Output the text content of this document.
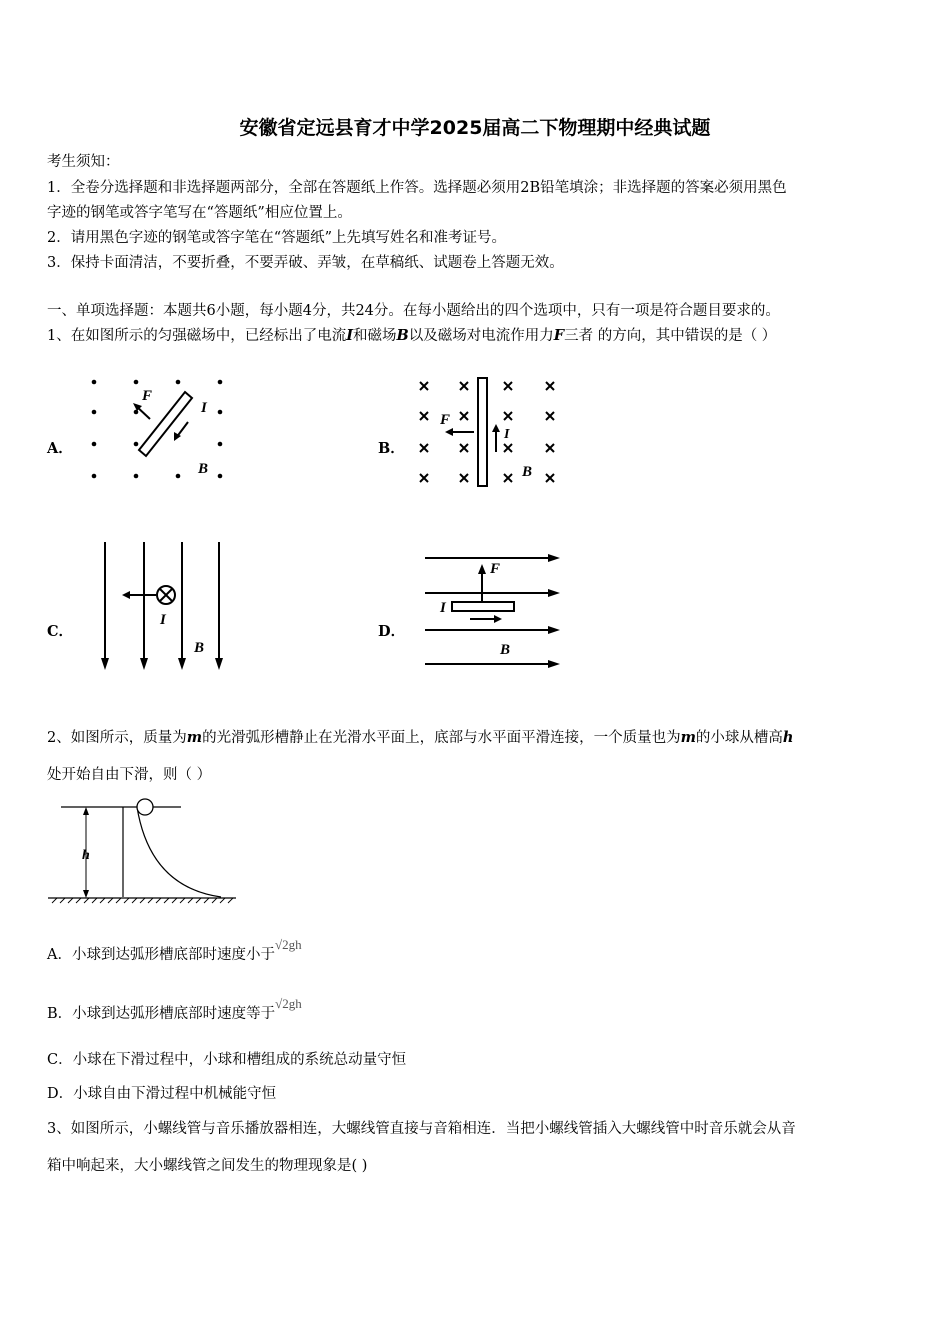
安徽省定远县育才中学2025届高二下物理期中经典试题
考生须知：
1．全卷分选择题和非选择题两部分，全部在答题纸上作答。选择题必须用2B铅笔填涂；非选择题的答案必须用黑色
字迹的钢笔或答字笔写在“答题纸”相应位置上。
2．请用黑色字迹的钢笔或答字笔在“答题纸”上先填写姓名和准考证号。
3．保持卡面清洁，不要折叠，不要弄破、弄皱，在草稿纸、试题卷上答题无效。
一、单项选择题：本题共6小题，每小题4分，共24分。在每小题给出的四个选项中，只有一项是符合题目要求的。
1、在如图所示的匀强磁场中，已经标出了电流I和磁场B以及磁场对电流作用力F三者 的方向，其中错误的是（ ）
A．	B．
C．	D．
F
I
B
F
I
B
I
B
F
I
B
2、如图所示，质量为m的光滑弧形槽静止在光滑水平面上，底部与水平面平滑连接，一个质量也为m的小球从槽高h
处开始自由下滑，则（ ）
h
A．小球到达弧形槽底部时速度小于√2gh
B．小球到达弧形槽底部时速度等于√2gh
C．小球在下滑过程中，小球和槽组成的系统总动量守恒
D．小球自由下滑过程中机械能守恒
3、如图所示，小螺线管与音乐播放器相连，大螺线管直接与音箱相连．当把小螺线管插入大螺线管中时音乐就会从音
箱中响起来，大小螺线管之间发生的物理现象是( )
